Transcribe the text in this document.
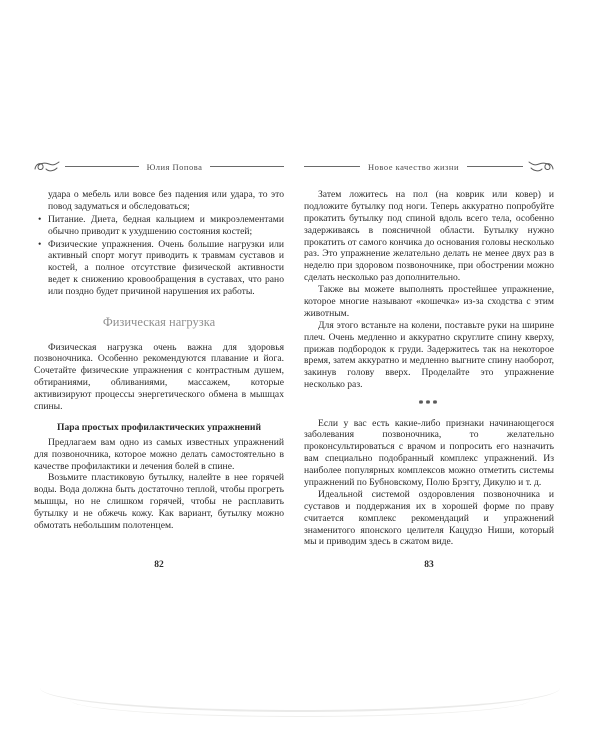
Юлия Попова
удара о мебель или вовсе без падения или удара, то это повод задуматься и обследоваться;
• Питание. Диета, бедная кальцием и микроэлементами обычно приводит к ухудшению состояния костей;
• Физические упражнения. Очень большие нагрузки или активный спорт могут приводить к травмам суставов и костей, а полное отсутствие физической активности ведет к снижению кровообращения в суставах, что рано или поздно будет причиной нарушения их работы.
Физическая нагрузка

Физическая нагрузка очень важна для здоровья позвоночника. Особенно рекомендуются плавание и йога. Сочетайте физические упражнения с контрастным душем, обтираниями, обливаниями, массажем, которые активизируют процессы энергетического обмена в мышцах спины.

Пара простых профилактических упражнений

Предлагаем вам одно из самых известных упражнений для позвоночника, которое можно делать самостоятельно в качестве профилактики и лечения болей в спине.

Возьмите пластиковую бутылку, налейте в нее горячей воды. Вода должна быть достаточно теплой, чтобы прогреть мышцы, но не слишком горячей, чтобы не расплавить бутылку и не обжечь кожу. Как вариант, бутылку можно обмотать небольшим полотенцем.

82
Новое качество жизни

Затем ложитесь на пол (на коврик или ковер) и подложите бутылку под ноги. Теперь аккуратно попробуйте прокатить бутылку под спиной вдоль всего тела, особенно задерживаясь в поясничной области. Бутылку нужно прокатить от самого кончика до основания головы несколько раз. Это упражнение желательно делать не менее двух раз в неделю при здоровом позвоночнике, при обострении можно сделать несколько раз дополнительно.

Также вы можете выполнять простейшее упражнение, которое многие называют «кошечка» из-за сходства с этим животным.

Для этого встаньте на колени, поставьте руки на ширине плеч. Очень медленно и аккуратно скруглите спину кверху, прижав подбородок к груди. Задержитесь так на некоторое время, затем аккуратно и медленно выгните спину наоборот, закинув голову вверх. Проделайте это упражнение несколько раз.

***

Если у вас есть какие-либо признаки начинающегося заболевания позвоночника, то желательно проконсультироваться с врачом и попросить его назначить вам специально подобранный комплекс упражнений. Из наиболее популярных комплексов можно отметить системы упражнений по Бубновскому, Полю Брэггу, Дикулю и т. д.

Идеальной системой оздоровления позвоночника и суставов и поддержания их в хорошей форме по праву считается комплекс рекомендаций и упражнений знаменитого японского целителя Кацудзо Ниши, который мы и приводим здесь в сжатом виде.

83
